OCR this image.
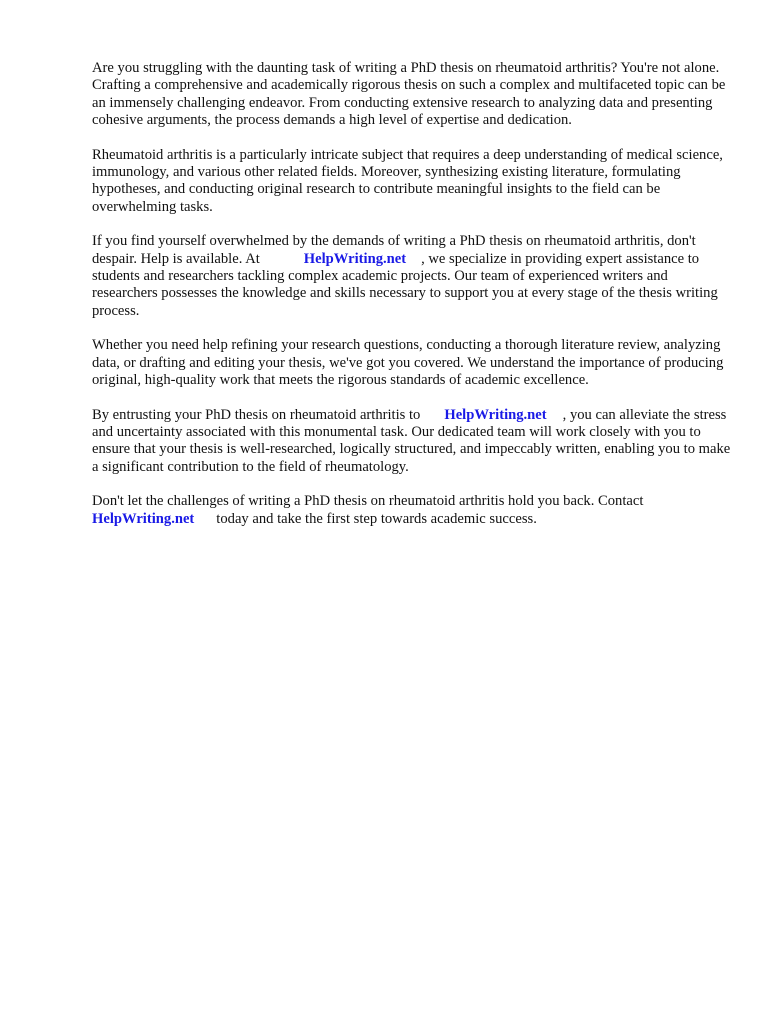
Are you struggling with the daunting task of writing a PhD thesis on rheumatoid arthritis? You're not alone. Crafting a comprehensive and academically rigorous thesis on such a complex and multifaceted topic can be an immensely challenging endeavor. From conducting extensive research to analyzing data and presenting cohesive arguments, the process demands a high level of expertise and dedication.

Rheumatoid arthritis is a particularly intricate subject that requires a deep understanding of medical science, immunology, and various other related fields. Moreover, synthesizing existing literature, formulating hypotheses, and conducting original research to contribute meaningful insights to the field can be overwhelming tasks.

If you find yourself overwhelmed by the demands of writing a PhD thesis on rheumatoid arthritis, don't despair. Help is available. At	HelpWriting.net , we specialize in providing expert assistance to students and researchers tackling complex academic projects. Our team of experienced writers and researchers possesses the knowledge and skills necessary to support you at every stage of the thesis writing process.

Whether you need help refining your research questions, conducting a thorough literature review, analyzing data, or drafting and editing your thesis, we've got you covered. We understand the importance of producing original, high-quality work that meets the rigorous standards of academic excellence.

By entrusting your PhD thesis on rheumatoid arthritis to HelpWriting.net , you can alleviate the stress and uncertainty associated with this monumental task. Our dedicated team will work closely with you to ensure that your thesis is well-researched, logically structured, and impeccably written, enabling you to make a significant contribution to the field of rheumatology.

Don't let the challenges of writing a PhD thesis on rheumatoid arthritis hold you back. Contact
HelpWriting.net today and take the first step towards academic success.
